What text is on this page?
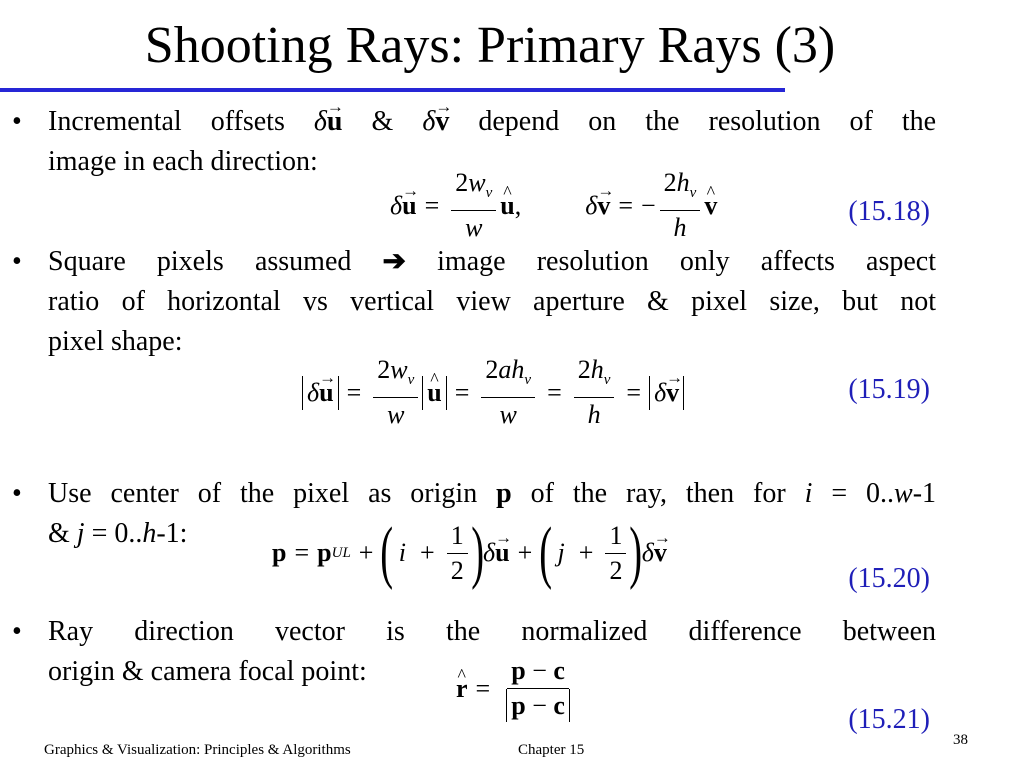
Shooting Rays: Primary Rays (3)
• Incremental offsets δ→ u & δ→ v depend on the resolution of the
image in each direction:
δ
→ $u = \frac{2w_v}{w}$
^ u , δ
→ v = − $\frac{2h_v}{h}$
^ v	(15.18)
• Square pixels assumed ➔ image resolution only affects aspect
ratio of horizontal vs vertical view aperture & pixel size, but not
pixel shape:
$\delta\to u = \frac{2w_v}{w}$
^ $u = \frac{2ah_v}{w} = \frac{2h_v}{h} = \delta\to v$	(15.19)
• Use center of the pixel as origin p of the ray, then for i = 0..w-1
& j = 0..h-1:
p = p UL + ( $i + \frac{1}{2}$ ) δ
→ u + ( $j + \frac{1}{2}$ ) δ
→ v
(15.20)
• Ray direction vector is the normalized difference between
origin & camera focal point:
^ $r = \frac{p - c}{p - c}$	(15.21)
Graphics & Visualization: Principles & Algorithms	Chapter 15
38
